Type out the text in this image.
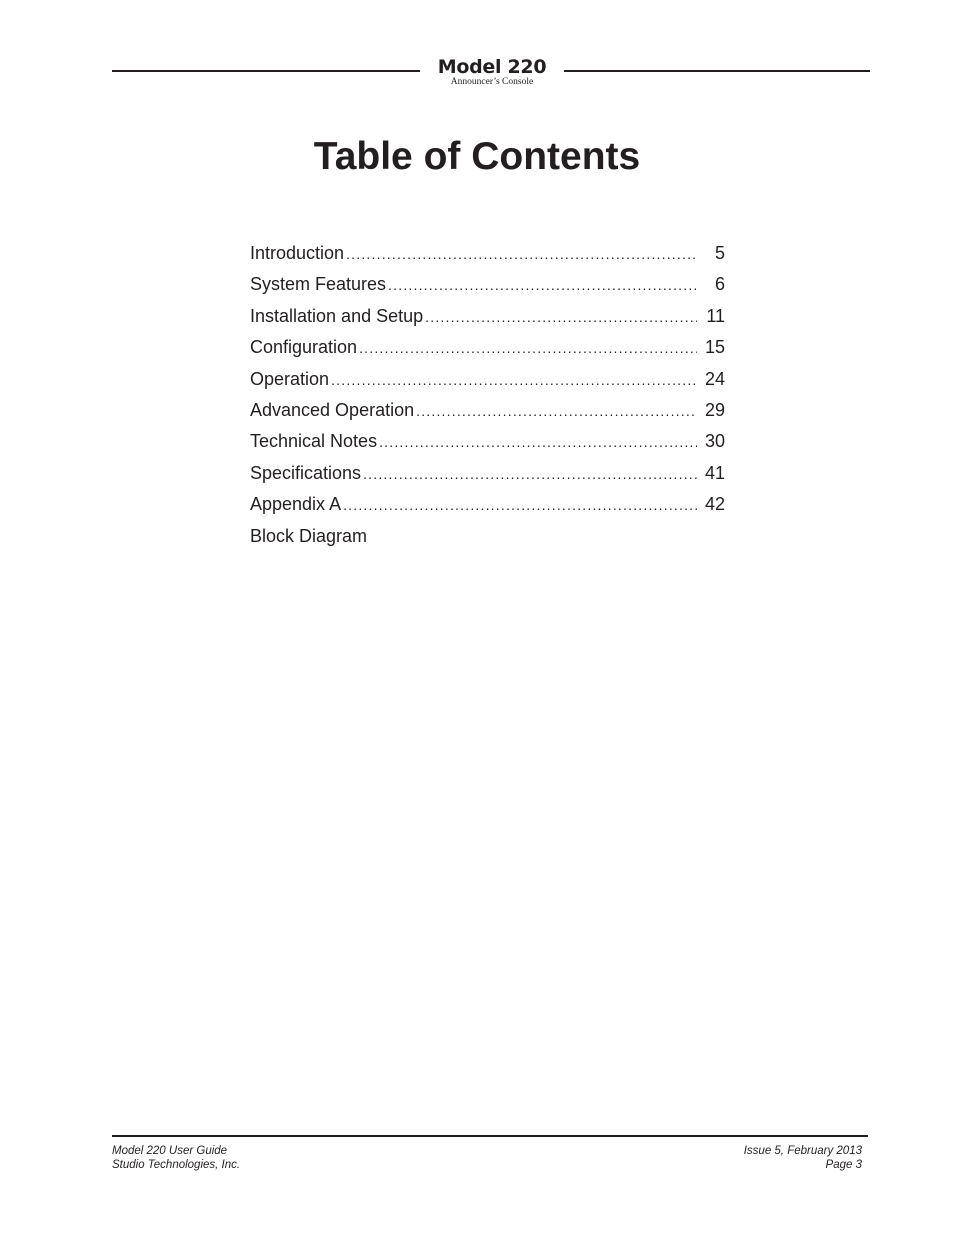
Model 220
Announcer’s Console
Table of Contents
Introduction .....	5
System Features .....	6
Installation and Setup .....	11
Configuration .....	15
Operation .....	24
Advanced Operation .....	29
Technical Notes .....	30
Specifications .....	41
Appendix A .....	42
Block Diagram
Model 220 User Guide
Studio Technologies, Inc.
Issue 5, February 2013
Page 3
